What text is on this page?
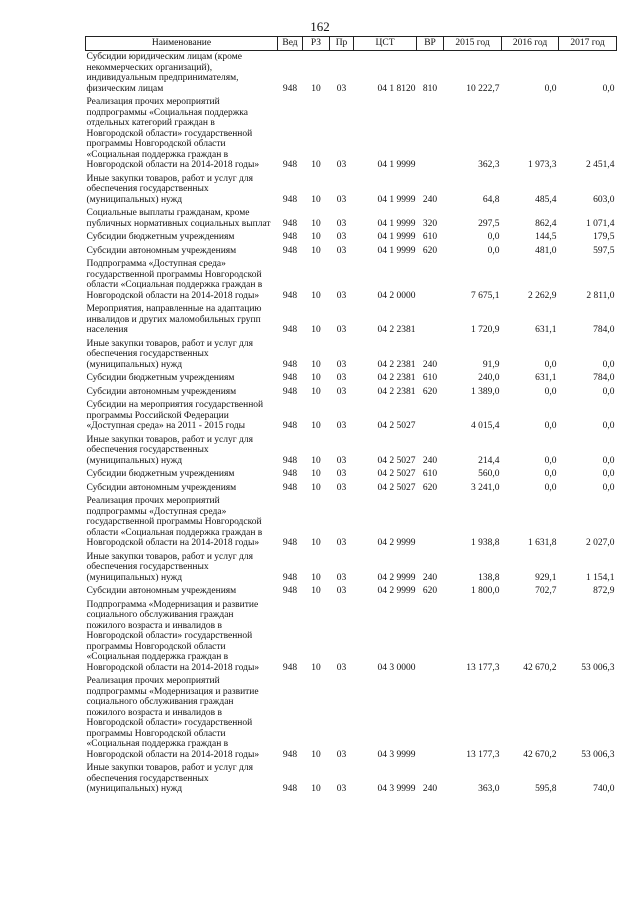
162
Наименование	Вед	РЗ	Пр	ЦСТ	ВР	2015 год	2016 год	2017 год
Субсидии юридическим лицам (кроме некоммерческих организаций), индивидуальным предпринимателям, физическим лицам	948	10	03	04 1 8120	810	10 222,7	0,0	0,0
Реализация прочих мероприятий подпрограммы «Социальная поддержка отдельных категорий граждан в Новгородской области» государственной программы Новгородской области «Социальная поддержка граждан в Новгородской области на 2014-2018 годы»	948	10	03	04 1 9999		362,3	1 973,3	2 451,4
Иные закупки товаров, работ и услуг для обеспечения государственных (муниципальных) нужд	948	10	03	04 1 9999	240	64,8	485,4	603,0
Социальные выплаты гражданам, кроме публичных нормативных социальных выплат	948	10	03	04 1 9999	320	297,5	862,4	1 071,4
Субсидии бюджетным учреждениям	948	10	03	04 1 9999	610	0,0	144,5	179,5
Субсидии автономным учреждениям	948	10	03	04 1 9999	620	0,0	481,0	597,5
Подпрограмма «Доступная среда» государственной программы Новгородской области «Социальная поддержка граждан в Новгородской области на 2014-2018 годы»	948	10	03	04 2 0000		7 675,1	2 262,9	2 811,0
Мероприятия, направленные на адаптацию инвалидов и других маломобильных групп населения	948	10	03	04 2 2381		1 720,9	631,1	784,0
Иные закупки товаров, работ и услуг для обеспечения государственных (муниципальных) нужд	948	10	03	04 2 2381	240	91,9	0,0	0,0
Субсидии бюджетным учреждениям	948	10	03	04 2 2381	610	240,0	631,1	784,0
Субсидии автономным учреждениям	948	10	03	04 2 2381	620	1 389,0	0,0	0,0
Субсидии на мероприятия государственной программы Российской Федерации «Доступная среда» на 2011 - 2015 годы	948	10	03	04 2 5027		4 015,4	0,0	0,0
Иные закупки товаров, работ и услуг для обеспечения государственных (муниципальных) нужд	948	10	03	04 2 5027	240	214,4	0,0	0,0
Субсидии бюджетным учреждениям	948	10	03	04 2 5027	610	560,0	0,0	0,0
Субсидии автономным учреждениям	948	10	03	04 2 5027	620	3 241,0	0,0	0,0
Реализация прочих мероприятий подпрограммы «Доступная среда» государственной программы Новгородской области «Социальная поддержка граждан в Новгородской области на 2014-2018 годы»	948	10	03	04 2 9999		1 938,8	1 631,8	2 027,0
Иные закупки товаров, работ и услуг для обеспечения государственных (муниципальных) нужд	948	10	03	04 2 9999	240	138,8	929,1	1 154,1
Субсидии автономным учреждениям	948	10	03	04 2 9999	620	1 800,0	702,7	872,9
Подпрограмма «Модернизация и развитие социального обслуживания граждан пожилого возраста и инвалидов в Новгородской области» государственной программы Новгородской области «Социальная поддержка граждан в Новгородской области на 2014-2018 годы»	948	10	03	04 3 0000		13 177,3	42 670,2	53 006,3
Реализация прочих мероприятий подпрограммы «Модернизация и развитие социального обслуживания граждан пожилого возраста и инвалидов в Новгородской области» государственной программы Новгородской области «Социальная поддержка граждан в Новгородской области на 2014-2018 годы»	948	10	03	04 3 9999		13 177,3	42 670,2	53 006,3
Иные закупки товаров, работ и услуг для обеспечения государственных (муниципальных) нужд	948	10	03	04 3 9999	240	363,0	595,8	740,0
